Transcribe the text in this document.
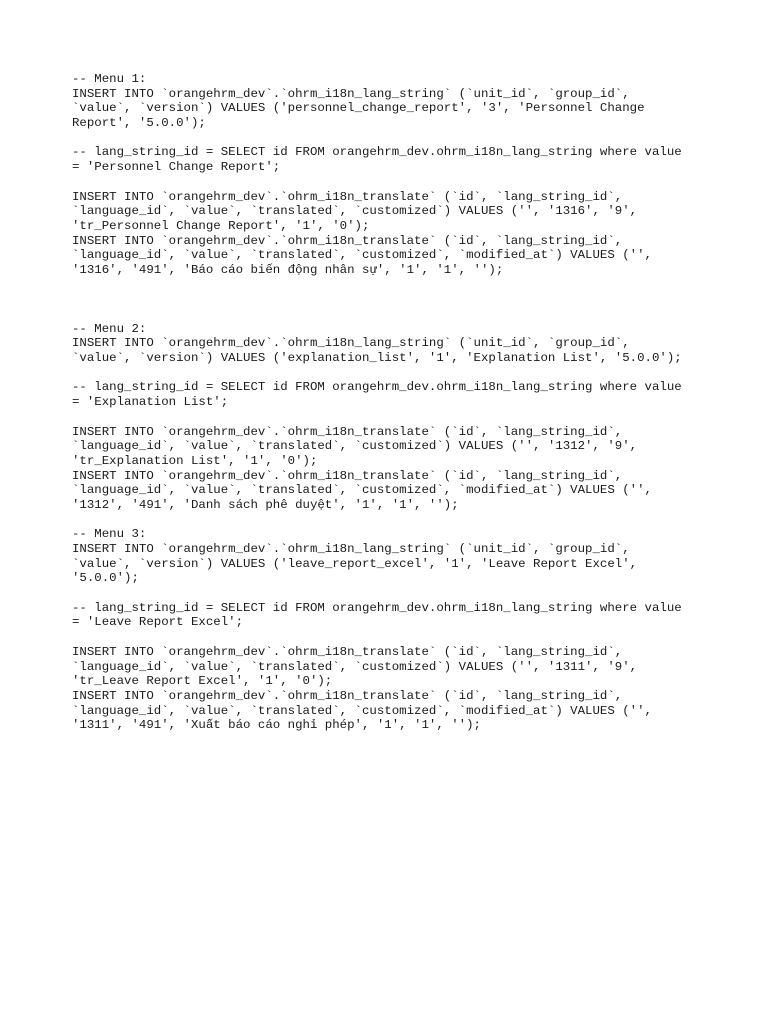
-- Menu 1:
INSERT INTO `orangehrm_dev`.`ohrm_i18n_lang_string` (`unit_id`, `group_id`,
`value`, `version`) VALUES ('personnel_change_report', '3', 'Personnel Change
Report', '5.0.0');
-- lang_string_id = SELECT id FROM orangehrm_dev.ohrm_i18n_lang_string where value
= 'Personnel Change Report';
INSERT INTO `orangehrm_dev`.`ohrm_i18n_translate` (`id`, `lang_string_id`,
`language_id`, `value`, `translated`, `customized`) VALUES ('', '1316', '9',
'tr_Personnel Change Report', '1', '0');
INSERT INTO `orangehrm_dev`.`ohrm_i18n_translate` (`id`, `lang_string_id`,
`language_id`, `value`, `translated`, `customized`, `modified_at`) VALUES ('',
'1316', '491', 'Báo cáo biến động nhân sự', '1', '1', '');
-- Menu 2:
INSERT INTO `orangehrm_dev`.`ohrm_i18n_lang_string` (`unit_id`, `group_id`,
`value`, `version`) VALUES ('explanation_list', '1', 'Explanation List', '5.0.0');
-- lang_string_id = SELECT id FROM orangehrm_dev.ohrm_i18n_lang_string where value
= 'Explanation List';
INSERT INTO `orangehrm_dev`.`ohrm_i18n_translate` (`id`, `lang_string_id`,
`language_id`, `value`, `translated`, `customized`) VALUES ('', '1312', '9',
'tr_Explanation List', '1', '0');
INSERT INTO `orangehrm_dev`.`ohrm_i18n_translate` (`id`, `lang_string_id`,
`language_id`, `value`, `translated`, `customized`, `modified_at`) VALUES ('',
'1312', '491', 'Danh sách phê duyệt', '1', '1', '');
-- Menu 3:
INSERT INTO `orangehrm_dev`.`ohrm_i18n_lang_string` (`unit_id`, `group_id`,
`value`, `version`) VALUES ('leave_report_excel', '1', 'Leave Report Excel',
'5.0.0');
-- lang_string_id = SELECT id FROM orangehrm_dev.ohrm_i18n_lang_string where value
= 'Leave Report Excel';
INSERT INTO `orangehrm_dev`.`ohrm_i18n_translate` (`id`, `lang_string_id`,
`language_id`, `value`, `translated`, `customized`) VALUES ('', '1311', '9',
'tr_Leave Report Excel', '1', '0');
INSERT INTO `orangehrm_dev`.`ohrm_i18n_translate` (`id`, `lang_string_id`,
`language_id`, `value`, `translated`, `customized`, `modified_at`) VALUES ('',
'1311', '491', 'Xuất báo cáo nghỉ phép', '1', '1', '');
